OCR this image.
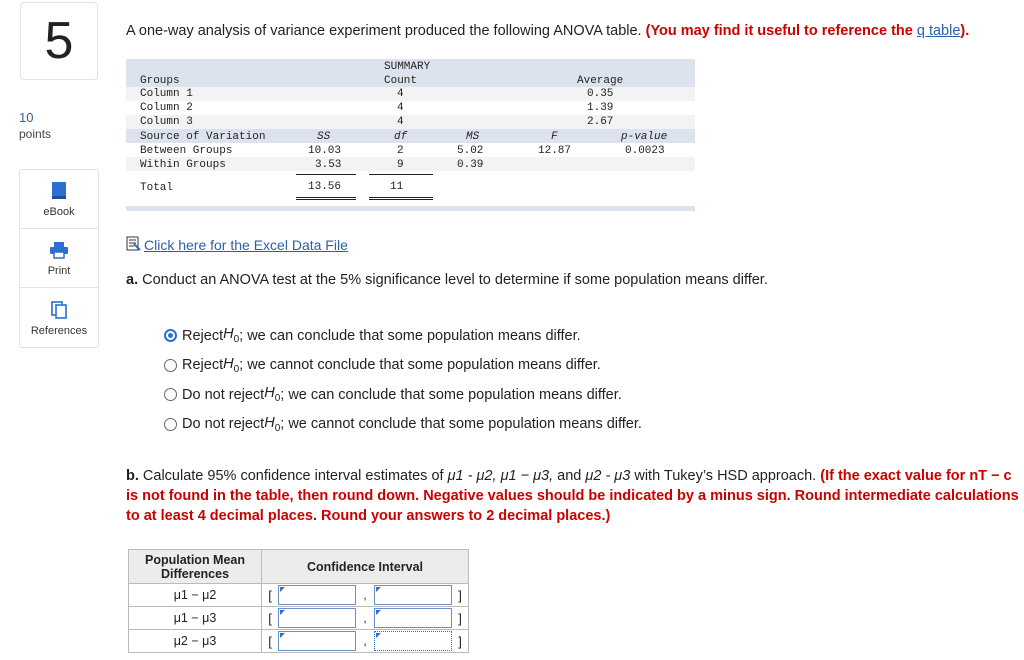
5
10
points
eBook
Print
References
A one-way analysis of variance experiment produced the following ANOVA table. (You may find it useful to reference the q table).
SUMMARY
Groups	Count	Average
Column 1	4	0.35
Column 2	4	1.39
Column 3	4	2.67
Source of Variation	SS	df	MS	F	p-value
Between Groups	10.03	2	5.02	12.87	0.0023
Within Groups	3.53	9	0.39
Total	13.56	11
Click here for the Excel Data File
a. Conduct an ANOVA test at the 5% significance level to determine if some population means differ.
Reject $H_0$ ; we can conclude that some population means differ.
Reject $H_0$ ; we cannot conclude that some population means differ.
Do not reject $H_0$ ; we can conclude that some population means differ.
Do not reject $H_0$ ; we cannot conclude that some population means differ.
b. Calculate 95% confidence interval estimates of μ1 - μ2, μ1 − μ3, and μ2 - μ3 with Tukey’s HSD approach. (If the exact value for nT − c is not found in the table, then round down. Negative values should be indicated by a minus sign. Round intermediate calculations to at least 4 decimal places. Round your answers to 2 decimal places.)
Population Mean Differences	Confidence Interval
μ1 − μ2	[ , ]

μ1 − μ3	[ , ]

μ2 − μ3	[ , ]
